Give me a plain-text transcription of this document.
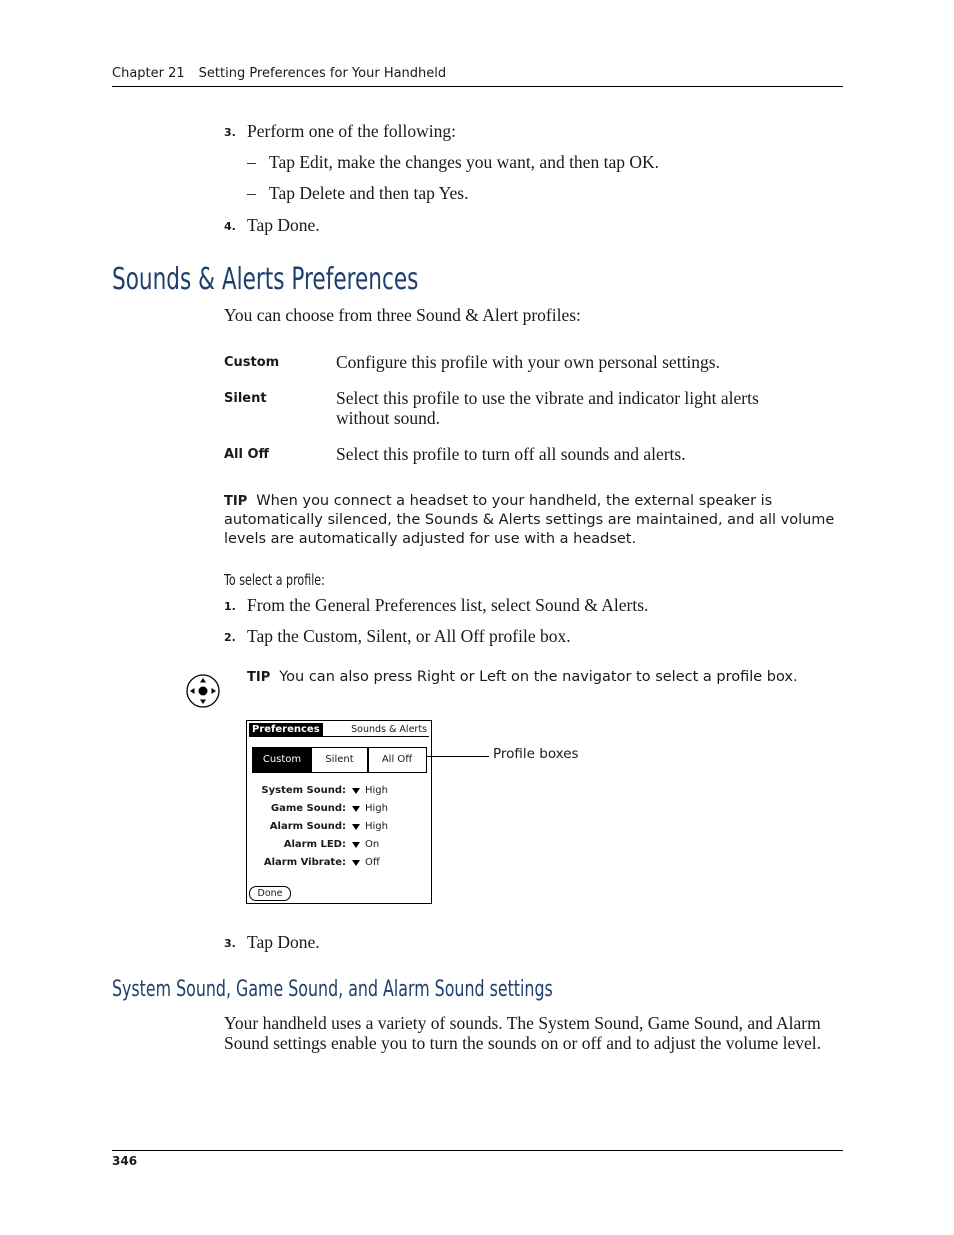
Chapter 21 Setting Preferences for Your Handheld
3. Perform one of the following:
– Tap Edit, make the changes you want, and then tap OK.
– Tap Delete and then tap Yes.
4. Tap Done.
Sounds & Alerts Preferences
You can choose from three Sound & Alert profiles:
Custom	Configure this profile with your own personal settings.
Silent	Select this profile to use the vibrate and indicator light alerts without sound.
All Off	Select this profile to turn off all sounds and alerts.
TIP When you connect a headset to your handheld, the external speaker is automatically silenced, the Sounds & Alerts settings are maintained, and all volume levels are automatically adjusted for use with a headset.
To select a profile:
1. From the General Preferences list, select Sound & Alerts.
2. Tap the Custom, Silent, or All Off profile box.
TIP You can also press Right or Left on the navigator to select a profile box.
Preferences	Sounds & Alerts
Custom	Silent	All Off
System Sound: High
Game Sound: High
Alarm Sound: High
Alarm LED: On
Alarm Vibrate: Off
Done
Profile boxes
3. Tap Done.
System Sound, Game Sound, and Alarm Sound settings
Your handheld uses a variety of sounds. The System Sound, Game Sound, and Alarm Sound settings enable you to turn the sounds on or off and to adjust the volume level.
346
